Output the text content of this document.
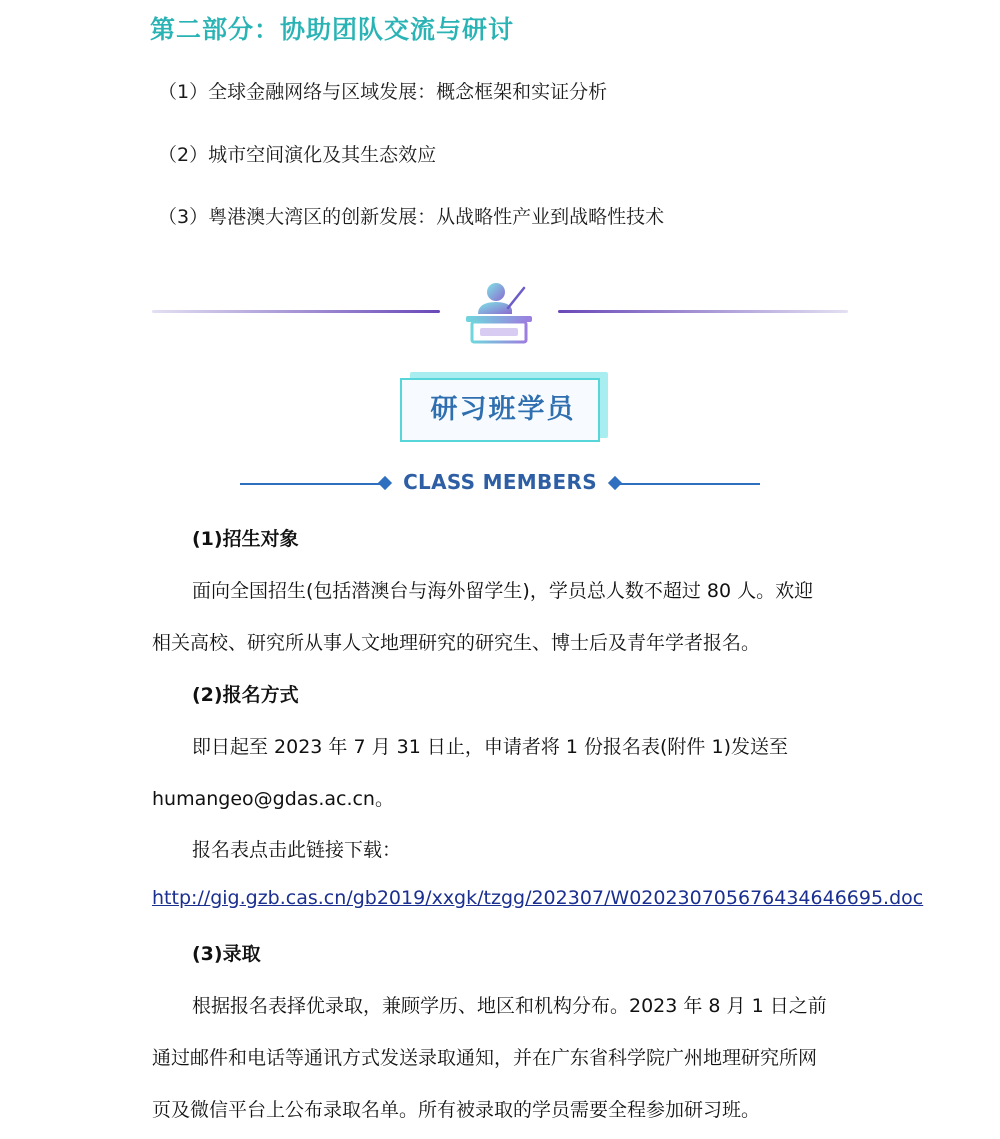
第二部分：协助团队交流与研讨
（1）全球金融网络与区域发展：概念框架和实证分析
（2）城市空间演化及其生态效应
（3）粤港澳大湾区的创新发展：从战略性产业到战略性技术
研习班学员
CLASS MEMBERS
(1)招生对象
面向全国招生(包括潜澳台与海外留学生)，学员总人数不超过 80 人。欢迎
相关高校、研究所从事人文地理研究的研究生、博士后及青年学者报名。
(2)报名方式
即日起至 2023 年 7 月 31 日止，申请者将 1 份报名表(附件 1)发送至
humangeo@gdas.ac.cn。
报名表点击此链接下载：
http://gig.gzb.cas.cn/gb2019/xxgk/tzgg/202307/W020230705676434646695.doc
(3)录取
根据报名表择优录取，兼顾学历、地区和机构分布。2023 年 8 月 1 日之前
通过邮件和电话等通讯方式发送录取通知，并在广东省科学院广州地理研究所网
页及微信平台上公布录取名单。所有被录取的学员需要全程参加研习班。
